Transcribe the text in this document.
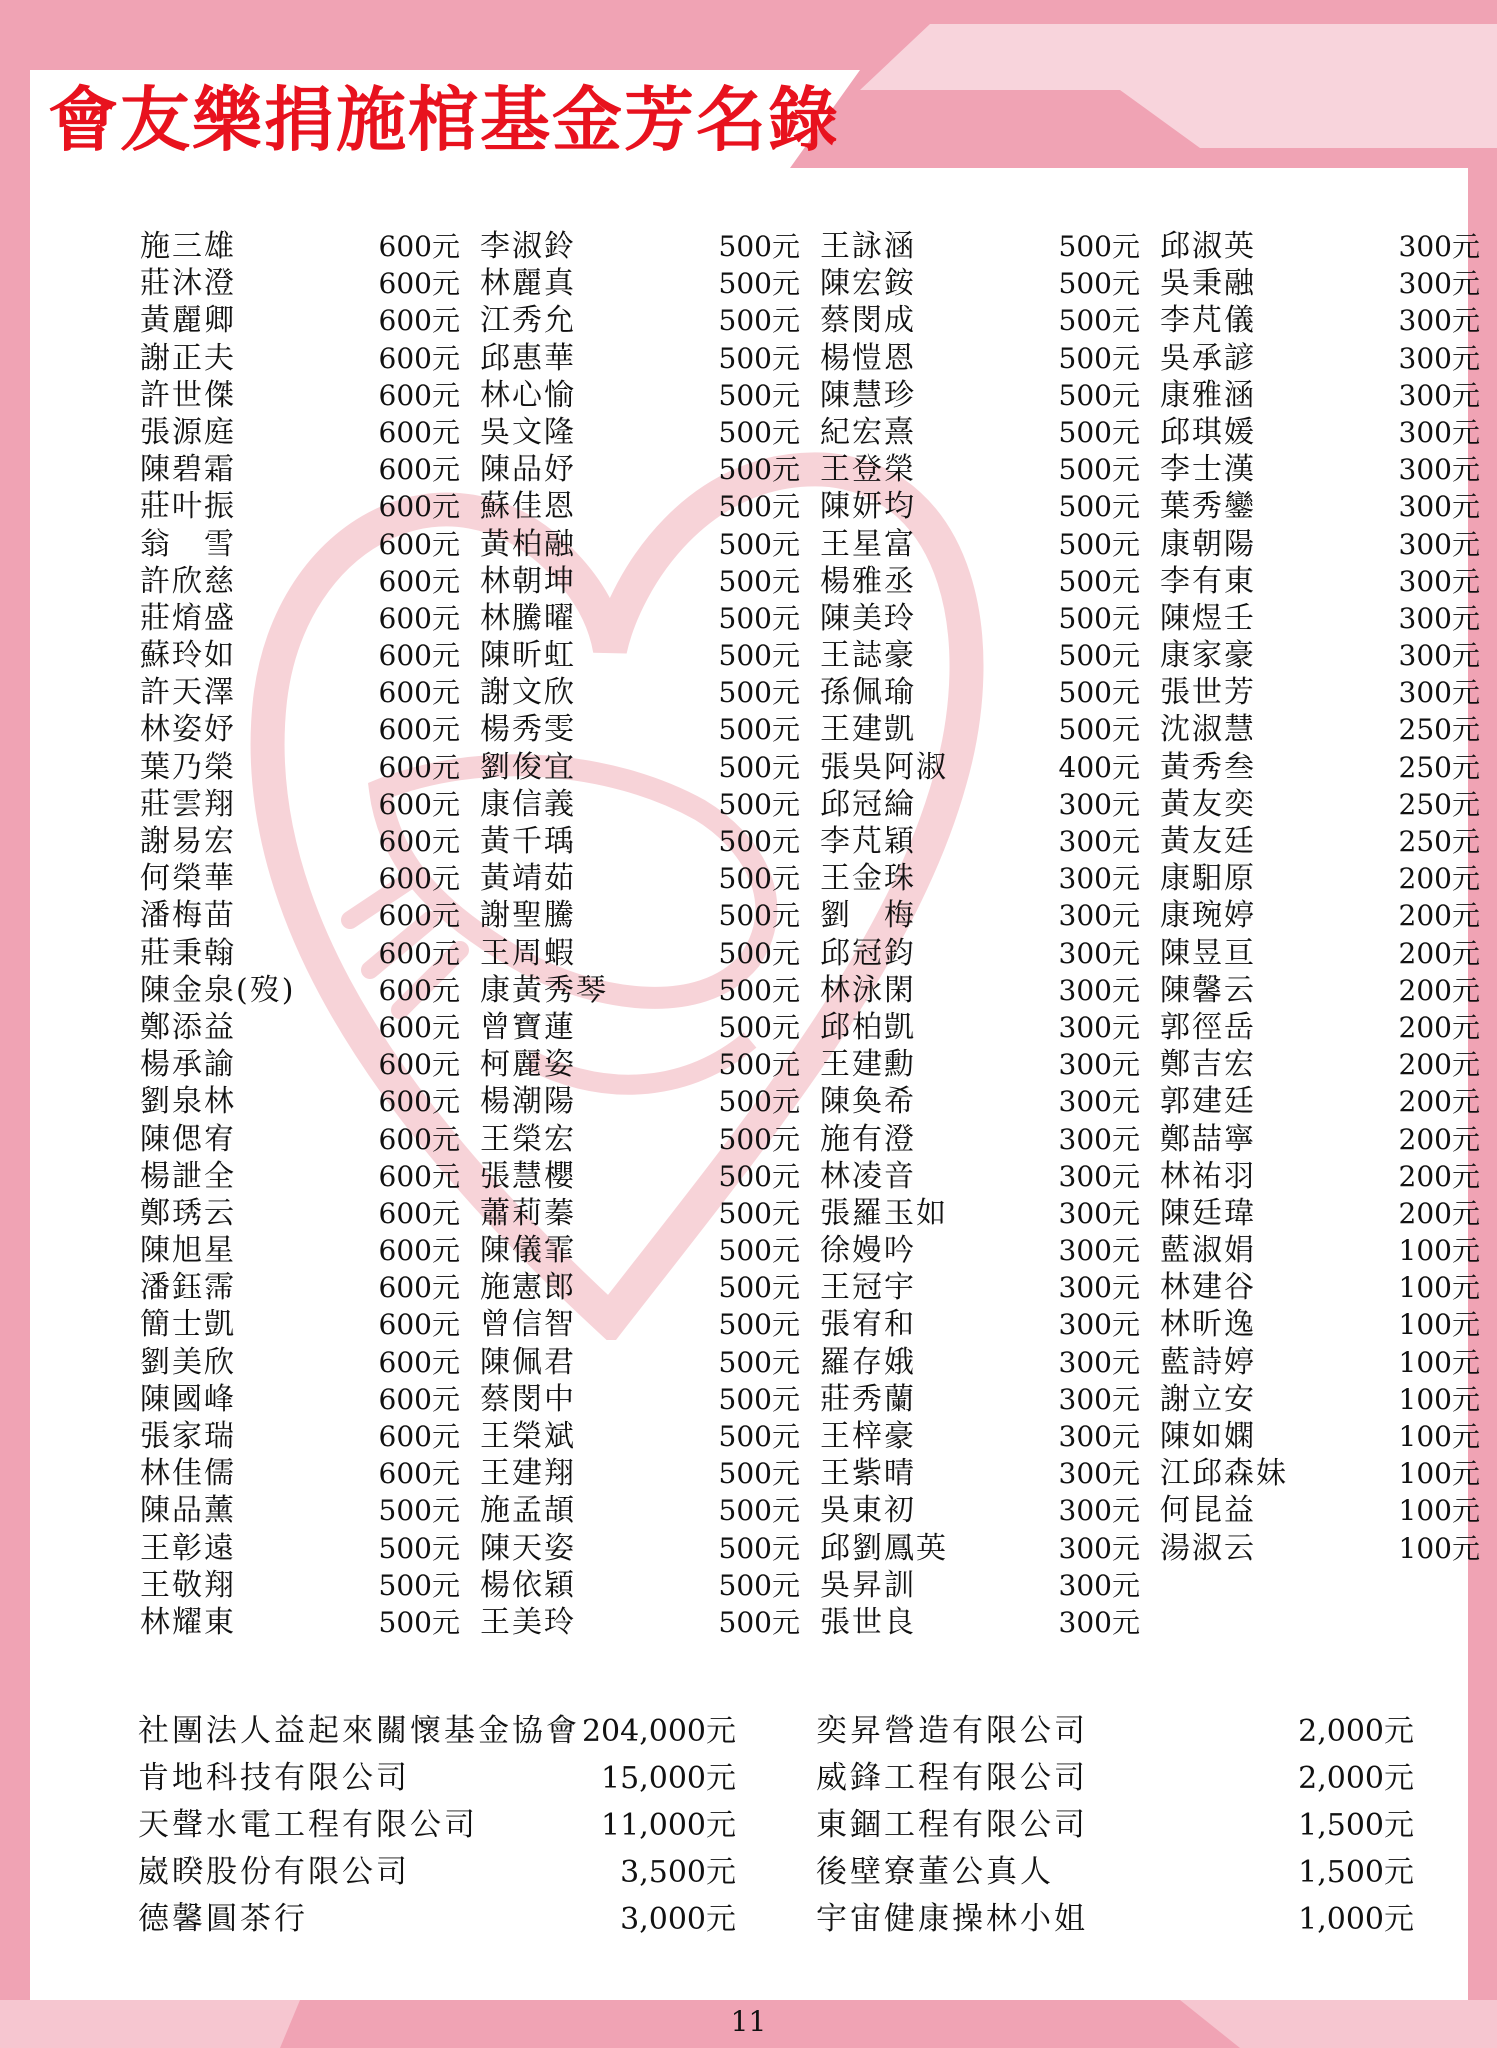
會友樂捐施棺基金芳名錄
施三雄	600元
莊沐澄	600元
黃麗卿	600元
謝正夫	600元
許世傑	600元
張源庭	600元
陳碧霜	600元
莊叶振	600元
翁　雪	600元
許欣慈	600元
莊焴盛	600元
蘇玲如	600元
許天澤	600元
林姿妤	600元
葉乃榮	600元
莊雲翔	600元
謝易宏	600元
何榮華	600元
潘梅苗	600元
莊秉翰	600元
陳金泉(歿)	600元
鄭添益	600元
楊承諭	600元
劉泉林	600元
陳偲宥	600元
楊詍全	600元
鄭琇云	600元
陳旭星	600元
潘鈺霈	600元
簡士凱	600元
劉美欣	600元
陳國峰	600元
張家瑞	600元
林佳儒	600元
陳品薰	500元
王彰遠	500元
王敬翔	500元
林耀東	500元
李淑鈴	500元
林麗真	500元
江秀允	500元
邱惠華	500元
林心愉	500元
吳文隆	500元
陳品妤	500元
蘇佳恩	500元
黃柏融	500元
林朝坤	500元
林騰曜	500元
陳昕虹	500元
謝文欣	500元
楊秀雯	500元
劉俊宜	500元
康信義	500元
黃千瑀	500元
黃靖茹	500元
謝聖騰	500元
王周蝦	500元
康黃秀琴	500元
曾寶蓮	500元
柯麗姿	500元
楊潮陽	500元
王榮宏	500元
張慧櫻	500元
蕭莉蓁	500元
陳儀霏	500元
施憲郎	500元
曾信智	500元
陳佩君	500元
蔡閔中	500元
王榮斌	500元
王建翔	500元
施孟頡	500元
陳天姿	500元
楊依穎	500元
王美玲	500元
王詠涵	500元
陳宏銨	500元
蔡閔成	500元
楊愷恩	500元
陳慧珍	500元
紀宏熹	500元
王登榮	500元
陳妍均	500元
王星富	500元
楊雅丞	500元
陳美玲	500元
王誌豪	500元
孫佩瑜	500元
王建凱	500元
張吳阿淑	400元
邱冠綸	300元
李芃穎	300元
王金珠	300元
劉　梅	300元
邱冠鈞	300元
林泳閑	300元
邱柏凱	300元
王建勳	300元
陳奐希	300元
施有澄	300元
林凌音	300元
張羅玉如	300元
徐嫚吟	300元
王冠宇	300元
張宥和	300元
羅存娥	300元
莊秀蘭	300元
王梓豪	300元
王紫晴	300元
吳東初	300元
邱劉鳳英	300元
吳昇訓	300元
張世良	300元
邱淑英	300元
吳秉融	300元
李芃儀	300元
吳承諺	300元
康雅涵	300元
邱琪媛	300元
李士漢	300元
葉秀鑾	300元
康朝陽	300元
李有東	300元
陳煜壬	300元
康家豪	300元
張世芳	300元
沈淑慧	250元
黃秀叁	250元
黃友奕	250元
黃友廷	250元
康馹原	200元
康琬婷	200元
陳昱亘	200元
陳馨云	200元
郭徑岳	200元
鄭吉宏	200元
郭建廷	200元
鄭喆寧	200元
林祐羽	200元
陳廷瑋	200元
藍淑娟	100元
林建谷	100元
林昕逸	100元
藍詩婷	100元
謝立安	100元
陳如嫻	100元
江邱森妹	100元
何昆益	100元
湯淑云	100元
社團法人益起來關懷基金協會 204,000元
肯地科技有限公司	15,000元
天聲水電工程有限公司	11,000元
崴睽股份有限公司	3,500元
德馨圓茶行	3,000元
奕昇營造有限公司	2,000元
威鋒工程有限公司	2,000元
東錮工程有限公司	1,500元
後壁寮董公真人	1,500元
宇宙健康操林小姐	1,000元
11
